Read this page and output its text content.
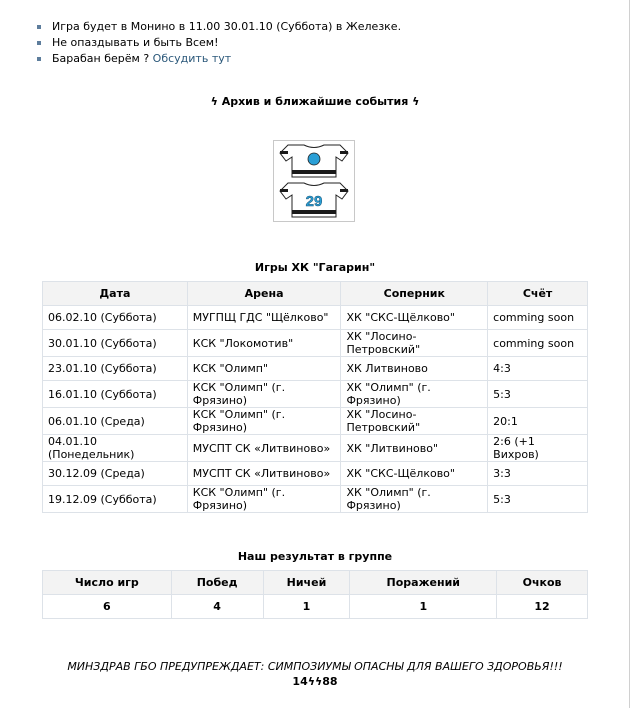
Игра будет в Монино в 11.00 30.01.10 (Суббота) в Железке.
Не опаздывать и быть Всем!
Барабан берём ? Обсудить тут
ϟ Архив и ближайшие события ϟ
29
Игры ХК "Гагарин"
Дата	Арена	Соперник	Счёт
06.02.10 (Суббота)	МУГПЩ ГДС "Щёлково"	ХК "СКС-Щёлково"	comming soon
30.01.10 (Суббота)	КСК "Локомотив"	ХК "Лосино-Петровский"	comming soon
23.01.10 (Суббота)	КСК "Олимп"	ХК Литвиново	4:3
16.01.10 (Суббота)	КСК "Олимп" (г. Фрязино)	ХК "Олимп" (г. Фрязино)	5:3
06.01.10 (Среда)	КСК "Олимп" (г. Фрязино)	ХК "Лосино-Петровский"	20:1
04.01.10 (Понедельник)	МУСПТ СК «Литвиново»	ХК "Литвиново"	2:6 (+1 Вихров)
30.12.09 (Среда)	МУСПТ СК «Литвиново»	ХК "СКС-Щёлково"	3:3
19.12.09 (Суббота)	КСК "Олимп" (г. Фрязино)	ХК "Олимп" (г. Фрязино)	5:3
Наш результат в группе
Число игр	Побед	Ничей	Поражений	Очков
6	4	1	1	12
МИНЗДРАВ ГБО ПРЕДУПРЕЖДАЕТ: СИМПОЗИУМЫ ОПАСНЫ ДЛЯ ВАШЕГО ЗДОРОВЬЯ!!!
14ϟϟ88
